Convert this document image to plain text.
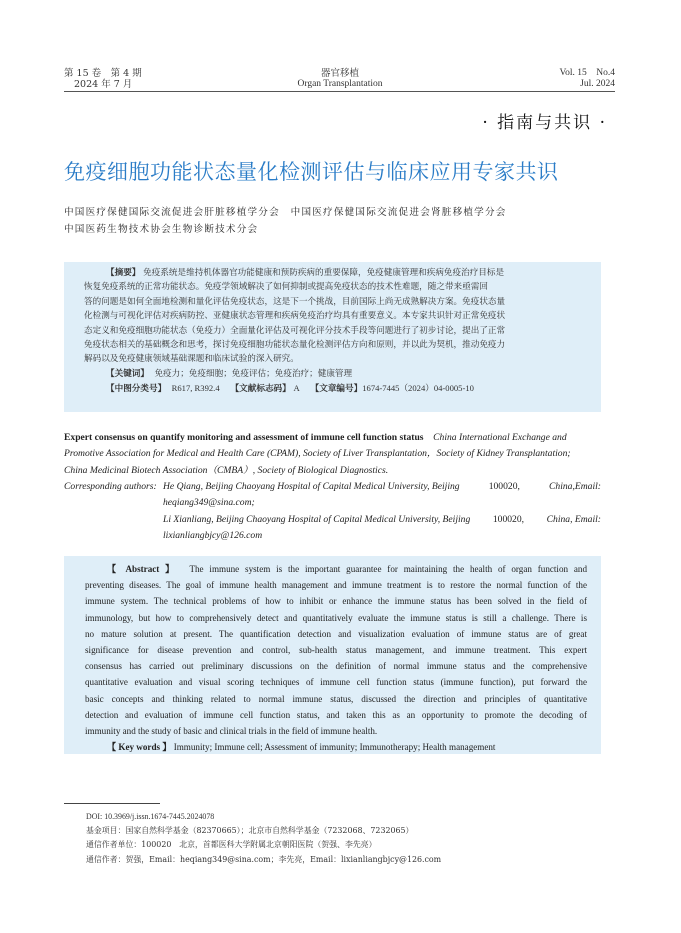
第 15 卷　第 4 期
2024 年 7 月
器官移植
Organ Transplantation
Vol. 15　No.4
Jul. 2024
· 指南与共识 ·
免疫细胞功能状态量化检测评估与临床应用专家共识
中国医疗保健国际交流促进会肝脏移植学分会　中国医疗保健国际交流促进会肾脏移植学分会
中国医药生物技术协会生物诊断技术分会
【摘要】 免疫系统是维持机体器官功能健康和预防疾病的重要保障，免疫健康管理和疾病免疫治疗目标是
恢复免疫系统的正常功能状态。免疫学领域解决了如何抑制或提高免疫状态的技术性难题，随之带来亟需回
答的问题是如何全面地检测和量化评估免疫状态，这是下一个挑战，目前国际上尚无成熟解决方案。免疫状态量
化检测与可视化评估对疾病防控、亚健康状态管理和疾病免疫治疗均具有重要意义。本专家共识针对正常免疫状
态定义和免疫细胞功能状态（免疫力）全面量化评估及可视化评分技术手段等问题进行了初步讨论，提出了正常
免疫状态相关的基础概念和思考，探讨免疫细胞功能状态量化检测评估方向和原则，并以此为契机，推动免疫力
解码以及免疫健康领域基础课题和临床试验的深入研究。
【关键词】 免疫力；免疫细胞；免疫评估；免疫治疗；健康管理
【中图分类号】 R617, R392.4 【文献标志码】 A 【文章编号】1674-7445（2024）04-0005-10
Expert consensus on quantify monitoring and assessment of immune cell function status China International Exchange and
Promotive Association for Medical and Health Care (CPAM), Society of Liver Transplantation，Society of Kidney Transplantation;
China Medicinal Biotech Association（CMBA）, Society of Biological Diagnostics.
Corresponding authors: He Qiang, Beijing Chaoyang Hospital of Capital Medical University, Beijing	100020,	China,Email:
heqiang349@sina.com;
Li Xianliang, Beijing Chaoyang Hospital of Capital Medical University, Beijing 100020, China, Email:
lixianliangbjcy@126.com
【 Abstract 】 The immune system is the important guarantee for maintaining the health of organ function and
preventing diseases. The goal of immune health management and immune treatment is to restore the normal function of the
immune system. The technical problems of how to inhibit or enhance the immune status has been solved in the field of
immunology, but how to comprehensively detect and quantitatively evaluate the immune status is still a challenge. There is
no mature solution at present. The quantification detection and visualization evaluation of immune status are of great
significance for disease prevention and control, sub-health status management, and immune treatment. This expert
consensus has carried out preliminary discussions on the definition of normal immune status and the comprehensive
quantitative evaluation and visual scoring techniques of immune cell function status (immune function), put forward the
basic concepts and thinking related to normal immune status, discussed the direction and principles of quantitative
detection and evaluation of immune cell function status, and taken this as an opportunity to promote the decoding of
immunity and the study of basic and clinical trials in the field of immune health.
【 Key words 】 Immunity; Immune cell; Assessment of immunity; Immunotherapy; Health management
DOI: 10.3969/j.issn.1674-7445.2024078
基金项目：国家自然科学基金（82370665）；北京市自然科学基金（7232068、7232065）
通信作者单位：100020　北京，首都医科大学附属北京朝阳医院（贺强、李先亮）
通信作者：贺强，Email：heqiang349@sina.com；李先亮，Email：lixianliangbjcy@126.com
